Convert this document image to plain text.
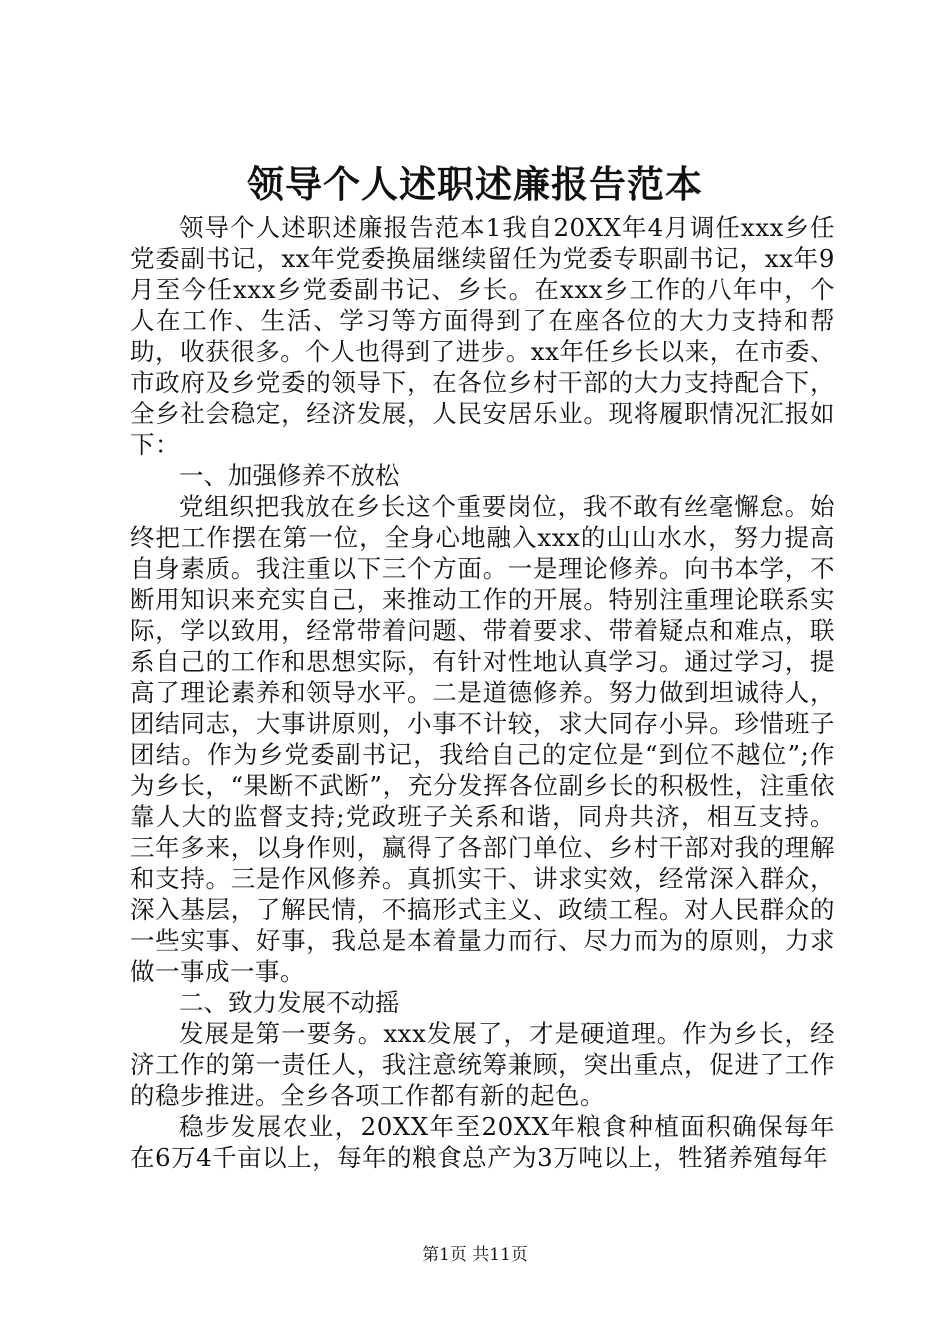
领导个人述职述廉报告范本

领导个人述职述廉报告范本1我自20XX年4月调任xxx乡任党委副书记，xx年党委换届继续留任为党委专职副书记，xx年9月至今任xxx乡党委副书记、乡长。在xxx乡工作的八年中，个人在工作、生活、学习等方面得到了在座各位的大力支持和帮助，收获很多。个人也得到了进步。xx年任乡长以来，在市委、市政府及乡党委的领导下，在各位乡村干部的大力支持配合下，全乡社会稳定，经济发展，人民安居乐业。现将履职情况汇报如下：

一、加强修养不放松

党组织把我放在乡长这个重要岗位，我不敢有丝毫懈怠。始终把工作摆在第一位，全身心地融入xxx的山山水水，努力提高自身素质。我注重以下三个方面。一是理论修养。向书本学，不断用知识来充实自己，来推动工作的开展。特别注重理论联系实际，学以致用，经常带着问题、带着要求、带着疑点和难点，联系自己的工作和思想实际，有针对性地认真学习。通过学习，提高了理论素养和领导水平。二是道德修养。努力做到坦诚待人，团结同志，大事讲原则，小事不计较，求大同存小异。珍惜班子团结。作为乡党委副书记，我给自己的定位是“到位不越位”;作为乡长，“果断不武断”，充分发挥各位副乡长的积极性，注重依靠人大的监督支持;党政班子关系和谐，同舟共济，相互支持。三年多来，以身作则，赢得了各部门单位、乡村干部对我的理解和支持。三是作风修养。真抓实干、讲求实效，经常深入群众，深入基层，了解民情，不搞形式主义、政绩工程。对人民群众的一些实事、好事，我总是本着量力而行、尽力而为的原则，力求做一事成一事。

二、致力发展不动摇

发展是第一要务。xxx发展了，才是硬道理。作为乡长，经济工作的第一责任人，我注意统筹兼顾，突出重点，促进了工作的稳步推进。全乡各项工作都有新的起色。

稳步发展农业，20XX年至20XX年粮食种植面积确保每年在6万4千亩以上，每年的粮食总产为3万吨以上，牲猪养殖每年

第1页 共11页
